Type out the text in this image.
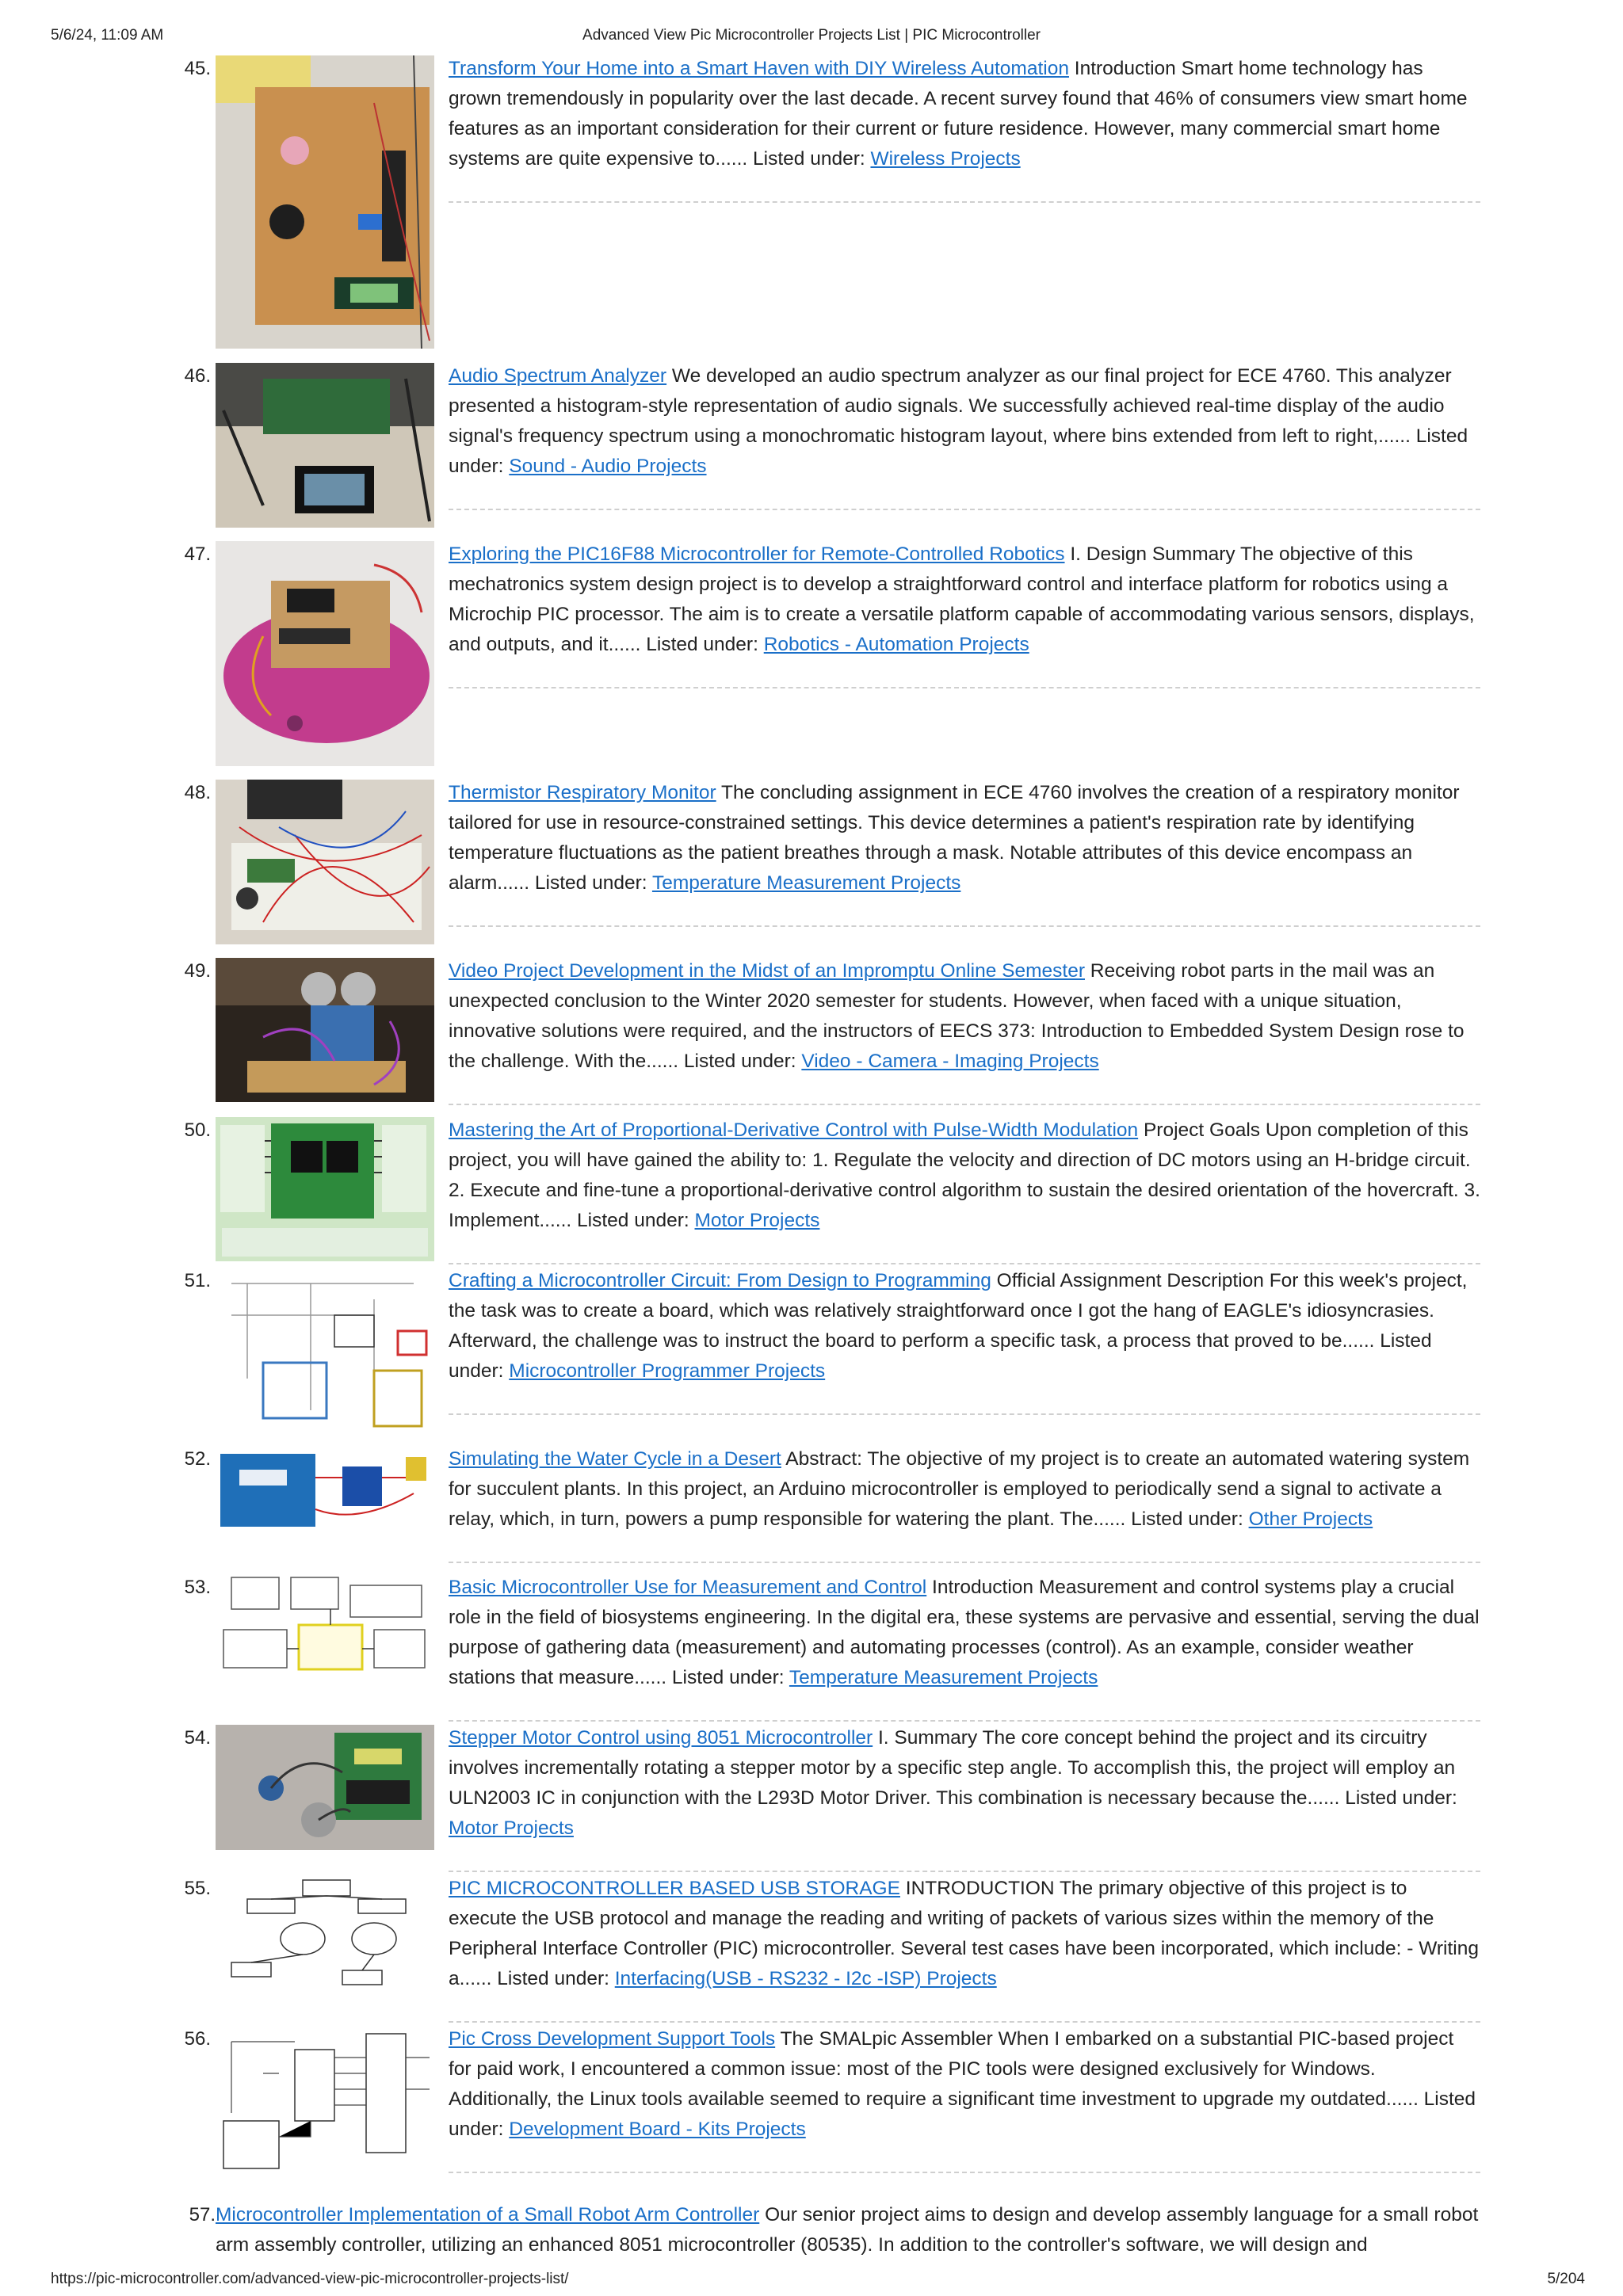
5/6/24, 11:09 AM	Advanced View Pic Microcontroller Projects List | PIC Microcontroller
45.	Transform Your Home into a Smart Haven with DIY Wireless Automation Introduction Smart home technology has grown tremendously in popularity over the last decade. A recent survey found that 46% of consumers view smart home features as an important consideration for their current or future residence. However, many commercial smart home systems are quite expensive to...... Listed under: Wireless Projects
46.	Audio Spectrum Analyzer We developed an audio spectrum analyzer as our final project for ECE 4760. This analyzer presented a histogram-style representation of audio signals. We successfully achieved real-time display of the audio signal's frequency spectrum using a monochromatic histogram layout, where bins extended from left to right,...... Listed under: Sound - Audio Projects
47.	Exploring the PIC16F88 Microcontroller for Remote-Controlled Robotics I. Design Summary The objective of this mechatronics system design project is to develop a straightforward control and interface platform for robotics using a Microchip PIC processor. The aim is to create a versatile platform capable of accommodating various sensors, displays, and outputs, and it...... Listed under: Robotics - Automation Projects
48.	Thermistor Respiratory Monitor The concluding assignment in ECE 4760 involves the creation of a respiratory monitor tailored for use in resource-constrained settings. This device determines a patient's respiration rate by identifying temperature fluctuations as the patient breathes through a mask. Notable attributes of this device encompass an alarm...... Listed under: Temperature Measurement Projects
49.	Video Project Development in the Midst of an Impromptu Online Semester Receiving robot parts in the mail was an unexpected conclusion to the Winter 2020 semester for students. However, when faced with a unique situation, innovative solutions were required, and the instructors of EECS 373: Introduction to Embedded System Design rose to the challenge. With the...... Listed under: Video - Camera - Imaging Projects
50.	Mastering the Art of Proportional-Derivative Control with Pulse-Width Modulation Project Goals Upon completion of this project, you will have gained the ability to: 1. Regulate the velocity and direction of DC motors using an H-bridge circuit. 2. Execute and fine-tune a proportional-derivative control algorithm to sustain the desired orientation of the hovercraft. 3. Implement...... Listed under: Motor Projects
51.	Crafting a Microcontroller Circuit: From Design to Programming Official Assignment Description For this week's project, the task was to create a board, which was relatively straightforward once I got the hang of EAGLE's idiosyncrasies. Afterward, the challenge was to instruct the board to perform a specific task, a process that proved to be...... Listed under: Microcontroller Programmer Projects
52.	Simulating the Water Cycle in a Desert Abstract: The objective of my project is to create an automated watering system for succulent plants. In this project, an Arduino microcontroller is employed to periodically send a signal to activate a relay, which, in turn, powers a pump responsible for watering the plant. The...... Listed under: Other Projects
53.	Basic Microcontroller Use for Measurement and Control Introduction Measurement and control systems play a crucial role in the field of biosystems engineering. In the digital era, these systems are pervasive and essential, serving the dual purpose of gathering data (measurement) and automating processes (control). As an example, consider weather stations that measure...... Listed under: Temperature Measurement Projects
54.	Stepper Motor Control using 8051 Microcontroller I. Summary The core concept behind the project and its circuitry involves incrementally rotating a stepper motor by a specific step angle. To accomplish this, the project will employ an ULN2003 IC in conjunction with the L293D Motor Driver. This combination is necessary because the...... Listed under: Motor Projects
55.	PIC MICROCONTROLLER BASED USB STORAGE INTRODUCTION The primary objective of this project is to execute the USB protocol and manage the reading and writing of packets of various sizes within the memory of the Peripheral Interface Controller (PIC) microcontroller. Several test cases have been incorporated, which include: - Writing a...... Listed under: Interfacing(USB - RS232 - I2c -ISP) Projects
56.	Pic Cross Development Support Tools The SMALpic Assembler When I embarked on a substantial PIC-based project for paid work, I encountered a common issue: most of the PIC tools were designed exclusively for Windows. Additionally, the Linux tools available seemed to require a significant time investment to upgrade my outdated...... Listed under: Development Board - Kits Projects
57. Microcontroller Implementation of a Small Robot Arm Controller Our senior project aims to design and develop assembly language for a small robot arm assembly controller, utilizing an enhanced 8051 microcontroller (80535). In addition to the controller's software, we will design and
https://pic-microcontroller.com/advanced-view-pic-microcontroller-projects-list/	5/204
